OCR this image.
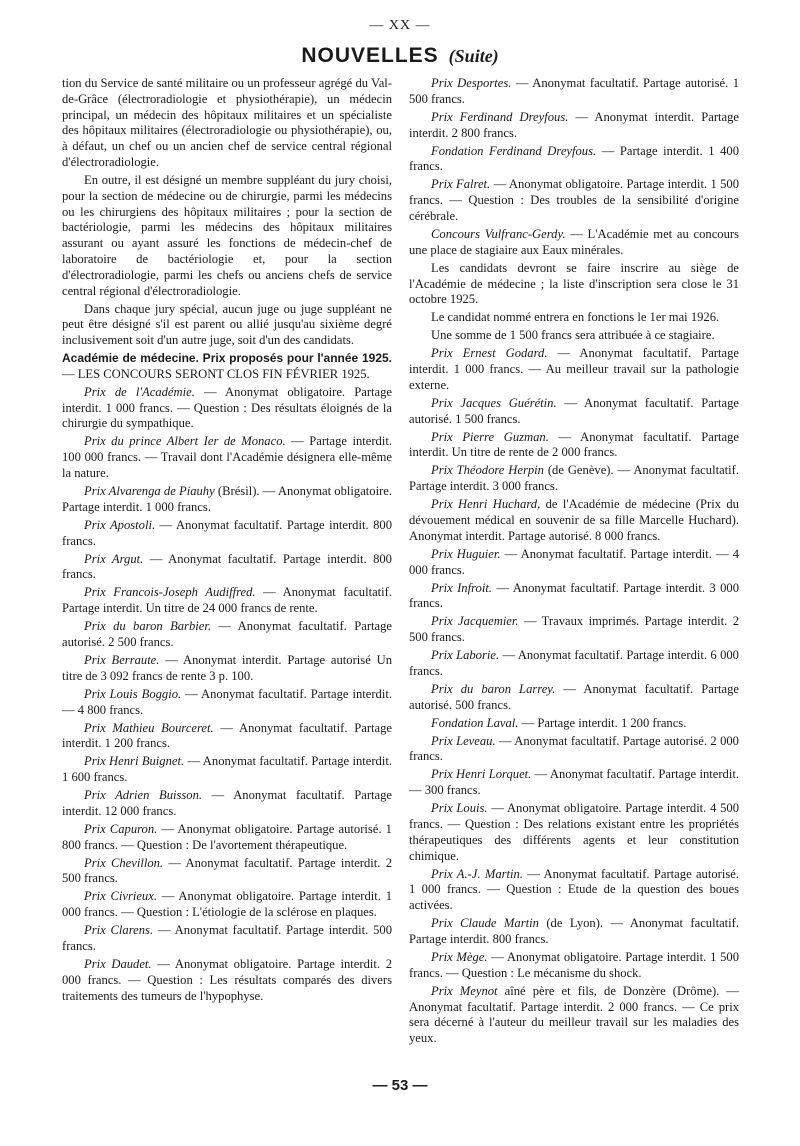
— XX —
NOUVELLES (Suite)

tion du Service de santé militaire ou un professeur agrégé du Val-de-Grâce (électroradiologie et physiothérapie), un médecin principal, un médecin des hôpitaux militaires et un spécialiste des hôpitaux militaires (électroradiologie ou physiothérapie), ou, à défaut, un chef ou un ancien chef de service central régional d'électroradiologie.

En outre, il est désigné un membre suppléant du jury choisi, pour la section de médecine ou de chirurgie, parmi les médecins ou les chirurgiens des hôpitaux militaires ; pour la section de bactériologie, parmi les médecins des hôpitaux militaires assurant ou ayant assuré les fonctions de médecin-chef de laboratoire de bactériologie et, pour la section d'électroradiologie, parmi les chefs ou anciens chefs de service central régional d'électroradiologie.

Dans chaque jury spécial, aucun juge ou juge suppléant ne peut être désigné s'il est parent ou allié jusqu'au sixième degré inclusivement soit d'un autre juge, soit d'un des candidats.

Académie de médecine. Prix proposés pour l'année 1925. — LES CONCOURS SERONT CLOS FIN FÉVRIER 1925.

Prix de l'Académie. — Anonymat obligatoire. Partage interdit. 1 000 francs. — Question : Des résultats éloignés de la chirurgie du sympathique.

Prix du prince Albert Ier de Monaco. — Partage interdit. 100 000 francs. — Travail dont l'Académie désignera elle-même la nature.

Prix Alvarenga de Piauhy (Brésil). — Anonymat obligatoire. Partage interdit. 1 000 francs.

Prix Apostoli. — Anonymat facultatif. Partage interdit. 800 francs.

Prix Argut. — Anonymat facultatif. Partage interdit. 800 francs.

Prix Francois-Joseph Audiffred. — Anonymat facultatif. Partage interdit. Un titre de 24 000 francs de rente.

Prix du baron Barbier. — Anonymat facultatif. Partage autorisé. 2 500 francs.

Prix Berraute. — Anonymat interdit. Partage autorisé Un titre de 3 092 francs de rente 3 p. 100.

Prix Louis Boggio. — Anonymat facultatif. Partage interdit. — 4 800 francs.

Prix Mathieu Bourceret. — Anonymat facultatif. Partage interdit. 1 200 francs.

Prix Henri Buignet. — Anonymat facultatif. Partage interdit. 1 600 francs.

Prix Adrien Buisson. — Anonymat facultatif. Partage interdit. 12 000 francs.

Prix Capuron. — Anonymat obligatoire. Partage autorisé. 1 800 francs. — Question : De l'avortement thérapeutique.

Prix Chevillon. — Anonymat facultatif. Partage interdit. 2 500 francs.

Prix Civrieux. — Anonymat obligatoire. Partage interdit. 1 000 francs. — Question : L'étiologie de la sclérose en plaques.

Prix Clarens. — Anonymat facultatif. Partage interdit. 500 francs.

Prix Daudet. — Anonymat obligatoire. Partage interdit. 2 000 francs. — Question : Les résultats comparés des divers traitements des tumeurs de l'hypophyse.

Prix Desportes. — Anonymat facultatif. Partage autorisé. 1 500 francs.

Prix Ferdinand Dreyfous. — Anonymat interdit. Partage interdit. 2 800 francs.

Fondation Ferdinand Dreyfous. — Partage interdit. 1 400 francs.

Prix Falret. — Anonymat obligatoire. Partage interdit. 1 500 francs. — Question : Des troubles de la sensibilité d'origine cérébrale.

Concours Vulfranc-Gerdy. — L'Académie met au concours une place de stagiaire aux Eaux minérales.

Les candidats devront se faire inscrire au siège de l'Académie de médecine ; la liste d'inscription sera close le 31 octobre 1925.

Le candidat nommé entrera en fonctions le 1er mai 1926.

Une somme de 1 500 francs sera attribuée à ce stagiaire.

Prix Ernest Godard. — Anonymat facultatif. Partage interdit. 1 000 francs. — Au meilleur travail sur la pathologie externe.

Prix Jacques Guérétin. — Anonymat facultatif. Partage autorisé. 1 500 francs.

Prix Pierre Guzman. — Anonymat facultatif. Partage interdit. Un titre de rente de 2 000 francs.

Prix Théodore Herpin (de Genève). — Anonymat facultatif. Partage interdit. 3 000 francs.

Prix Henri Huchard, de l'Académie de médecine (Prix du dévouement médical en souvenir de sa fille Marcelle Huchard). Anonymat interdit. Partage autorisé. 8 000 francs.

Prix Huguier. — Anonymat facultatif. Partage interdit. — 4 000 francs.

Prix Infroit. — Anonymat facultatif. Partage interdit. 3 000 francs.

Prix Jacquemier. — Travaux imprimés. Partage interdit. 2 500 francs.

Prix Laborie. — Anonymat facultatif. Partage interdit. 6 000 francs.

Prix du baron Larrey. — Anonymat facultatif. Partage autorisé. 500 francs.

Fondation Laval. — Partage interdit. 1 200 francs.

Prix Leveau. — Anonymat facultatif. Partage autorisé. 2 000 francs.

Prix Henri Lorquet. — Anonymat facultatif. Partage interdit. — 300 francs.

Prix Louis. — Anonymat obligatoire. Partage interdit. 4 500 francs. — Question : Des relations existant entre les propriétés thérapeutiques des différents agents et leur constitution chimique.

Prix A.-J. Martin. — Anonymat facultatif. Partage autorisé. 1 000 francs. — Question : Etude de la question des boues activées.

Prix Claude Martin (de Lyon). — Anonymat facultatif. Partage interdit. 800 francs.

Prix Mège. — Anonymat obligatoire. Partage interdit. 1 500 francs. — Question : Le mécanisme du shock.

Prix Meynot aîné père et fils, de Donzère (Drôme). — Anonymat facultatif. Partage interdit. 2 000 francs. — Ce prix sera décerné à l'auteur du meilleur travail sur les maladies des yeux.

— 53 —
